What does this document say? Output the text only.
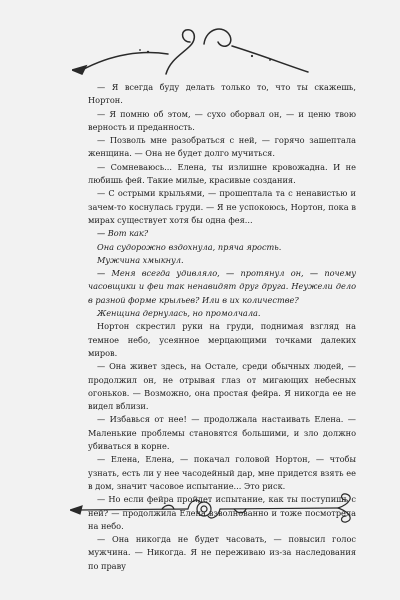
— Я всегда буду делать только то, что ты скажешь, Нортон.

— Я помню об этом, — сухо оборвал он, — и ценю твою верность и преданность.

— Позволь мне разобраться с ней, — горячо зашептала женщина. — Она не будет долго мучиться.

— Сомневаюсь... Елена, ты излишне кровожадна. И не любишь фей. Такие милые, красивые создания.

— С острыми крыльями, — прошептала та с ненавистью и зачем-то коснулась груди. — Я не успокоюсь, Нортон, пока в мирах существует хотя бы одна фея...

— Вот как?

Она судорожно вздохнула, пряча ярость.

Мужчина хмыкнул.

— Меня всегда удивляло, — протянул он, — почему часовщики и феи так ненавидят друг друга. Неужели дело в разной форме крыльев? Или в их количестве?

Женщина дернулась, но промолчала.

Нортон скрестил руки на груди, поднимая взгляд на темное небо, усеянное мерцающими точками далеких миров.

— Она живет здесь, на Остале, среди обычных людей, — продолжил он, не отрывая глаз от мигающих небесных огоньков. — Возможно, она простая фейра. Я никогда ее не видел вблизи.

— Избавься от нее! — продолжала настаивать Елена. — Маленькие проблемы становятся большими, и зло должно убиваться в корне.

— Елена, Елена, — покачал головой Нортон, — чтобы узнать, есть ли у нее часодейный дар, мне придется взять ее в дом, значит часовое испытание... Это риск.

— Но если фейра пройдет испытание, как ты поступишь с ней? — продолжила Елена взволнованно и тоже посмотрела на небо.

— Она никогда не будет часовать, — повысил голос мужчина. — Никогда. Я не переживаю из-за наследования по праву
